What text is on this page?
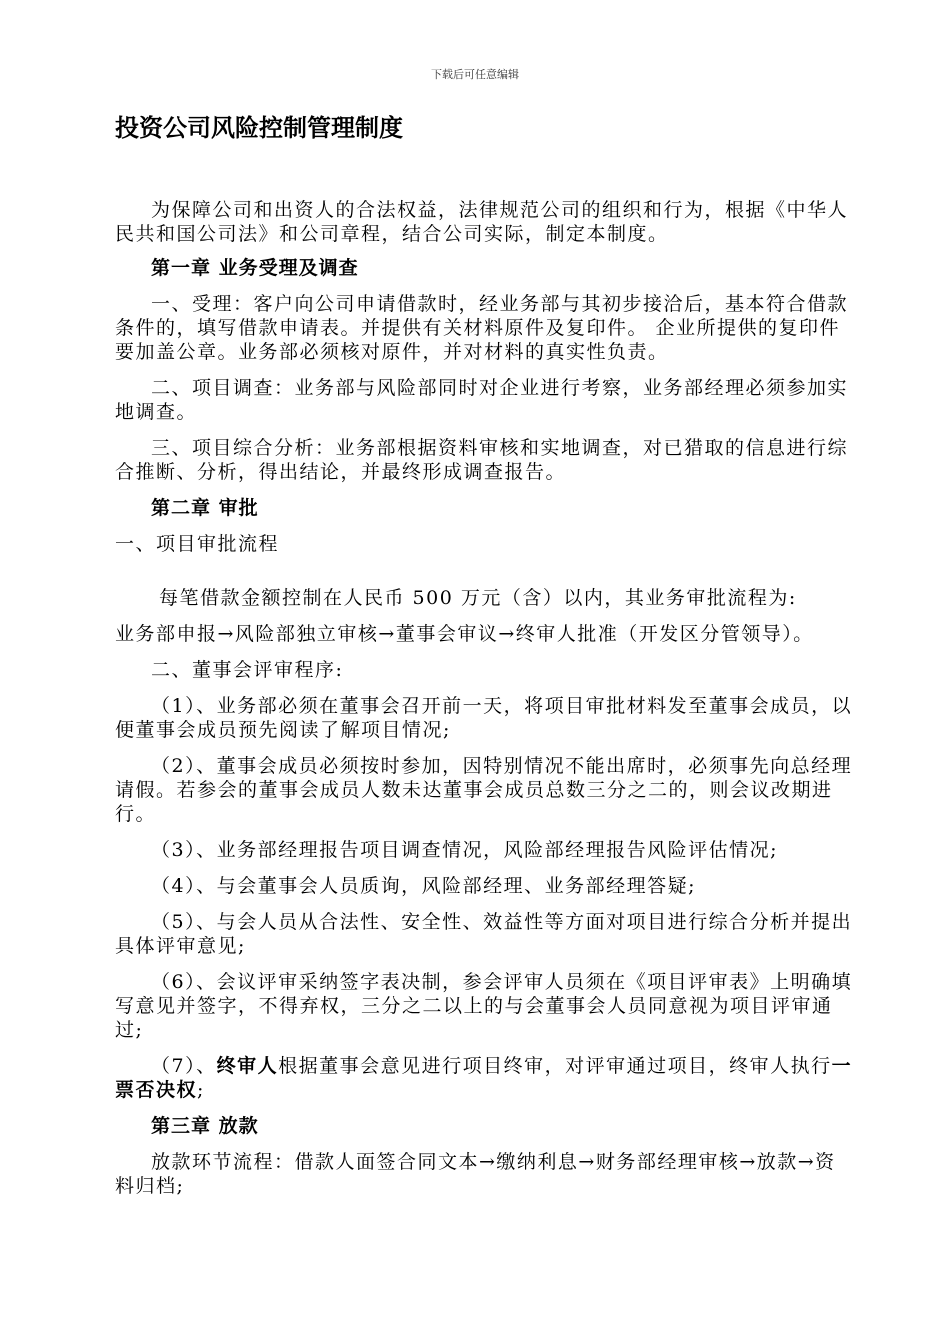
下载后可任意编辑
投资公司风险控制管理制度

为保障公司和出资人的合法权益，法律规范公司的组织和行为，根据《中华人民共和国公司法》和公司章程，结合公司实际，制定本制度。

第一章 业务受理及调查

一、受理：客户向公司申请借款时，经业务部与其初步接洽后，基本符合借款条件的，填写借款申请表。并提供有关材料原件及复印件。 企业所提供的复印件要加盖公章。业务部必须核对原件，并对材料的真实性负责。

二、项目调查：业务部与风险部同时对企业进行考察，业务部经理必须参加实地调查。

三、项目综合分析：业务部根据资料审核和实地调查，对已猎取的信息进行综合推断、分析，得出结论，并最终形成调查报告。

第二章 审批

一、项目审批流程

每笔借款金额控制在人民币 500 万元（含）以内，其业务审批流程为:

业务部申报→风险部独立审核→董事会审议→终审人批准（开发区分管领导）。

二、董事会评审程序:

（1）、业务部必须在董事会召开前一天，将项目审批材料发至董事会成员，以便董事会成员预先阅读了解项目情况;

（2）、董事会成员必须按时参加，因特别情况不能出席时，必须事先向总经理请假。若参会的董事会成员人数未达董事会成员总数三分之二的，则会议改期进行。

（3）、业务部经理报告项目调查情况，风险部经理报告风险评估情况;

（4）、与会董事会人员质询，风险部经理、业务部经理答疑;

（5）、与会人员从合法性、安全性、效益性等方面对项目进行综合分析并提出具体评审意见;

（6）、会议评审采纳签字表决制，参会评审人员须在《项目评审表》上明确填写意见并签字，不得弃权，三分之二以上的与会董事会人员同意视为项目评审通过;

（7）、终审人根据董事会意见进行项目终审，对评审通过项目，终审人执行一票否决权;

第三章 放款

放款环节流程：借款人面签合同文本→缴纳利息→财务部经理审核→放款→资料归档;
